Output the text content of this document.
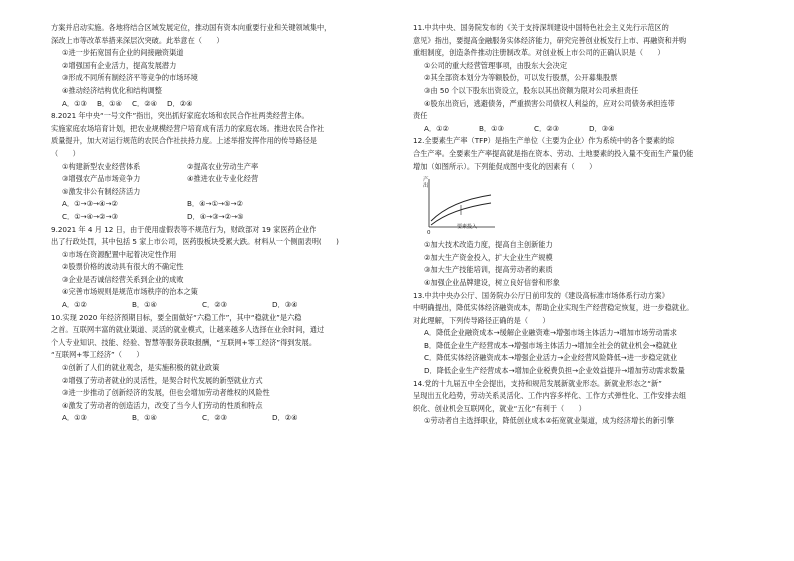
方案并启动实施。各地将结合区域发展定位，推动国有资本向重要行业和关键领域集中，

深改上市等改革举措来深层次突破。此举意在（　　）

①进一步拓宽国有企业的间接融资渠道

②增强国有企业活力，提高发展潜力

③形成不同所有制经济平等竞争的市场环境

④推动经济结构优化和结构调整

A．①③	B．①④	C．②④	D．②④

8.2021 年中央“一号文件”指出，突出抓好家庭农场和农民合作社两类经营主体。

实施家庭农场培育计划，把农业规模经营户培育成有活力的家庭农场。推进农民合作社

质量提升，加大对运行规范的农民合作社扶持力度。上述举措发挥作用的传导路径是

（　　）

①构建新型农业经营体系	②提高农业劳动生产率
③增强农产品市场竞争力	④推进农业专业化经营

⑤激发非公有制经济活力

A．①→③→④→②	B．④→①→⑤→②
C．①→④→②→③	D．④→③→②→⑤

9.2021 年 4 月 12 日，由于使用虚假表等不规范行为，财政部对 19 家医药企业作

出了行政处罚，其中包括 5 家上市公司，医药股板块受累大跌。材料从一个侧面表明(　　)

①市场在资源配置中起着决定性作用

②股票价格的波动具有很大的不确定性

③企业是否诚信经营关系到企业的成败

④完善市场规则是规范市场秩序的治本之策

A．①②	B．①④	C．②③	D．③④

10.实现 2020 年经济预期目标，要全面做好“六稳工作”，其中“稳就业”是六稳

之首。互联网丰富的就业渠道、灵活的就业模式，让越来越多人选择在业余时间，通过

个人专业知识、技能、经验、智慧等服务获取报酬，“互联网+零工经济”得到发展。

“互联网+零工经济”（　　）

①创新了人们的就业观念，是实施积极的就业政策

②增强了劳动者就业的灵活性，是契合时代发展的新型就业方式

③进一步推动了创新经济的发展，但也会增加劳动者维权的风险性

④激发了劳动者的创造活力，改变了当今人们劳动的性质和特点

A．①③	B．①④	C．②③	D．②④

11.中共中央、国务院发布的《关于支持深圳建设中国特色社会主义先行示范区的

意见》指出，要提高金融服务实体经济能力，研究完善创业板发行上市、再融资和并购

重组制度，创造条件推动注册制改革。对创业板上市公司的正确认识是（　　）

①公司的重大经营管理事项，由股东大会决定

②其全部资本划分为等额股份，可以发行股票，公开募集股票

③由 50 个以下股东出资设立，股东以其出资额为限对公司承担责任

④股东出资后，逃避债务，严重损害公司债权人利益的，应对公司债务承担连带

责任

A．①②	B．①③	C．②③	D．③④

12.全要素生产率（TFP）是指生产单位（主要为企业）作为系统中的各个要素的综

合生产率。全要素生产率提高就是指在资本、劳动、土地要素的投入量不变而生产量仍能

增加（如图所示）。下列能促成图中变化的因素有（　　）

产出
要素投入
0

①加大技术改造力度，提高自主创新能力

②加大生产资金投入，扩大企业生产规模

③加大生产技能培训，提高劳动者的素质

④加强企业品牌建设，树立良好信誉和形象

13.中共中央办公厅、国务院办公厅日前印发的《建设高标准市场体系行动方案》

中明确提出，降低实体经济融资成本，帮助企业实现生产经营稳定恢复，进一步稳就业。

对此理解，下列传导路径正确的是（　　）

A．降低企业融资成本→缓解企业融资难→增强市场主体活力→增加市场劳动需求

B．降低企业生产经营成本→增强市场主体活力→增加全社会的就业机会→稳就业

C．降低实体经济融资成本→增强企业活力→企业经营风险降低→进一步稳定就业

D．降低企业生产经营成本→增加企业税费负担→企业效益提升→增加劳动需求数量

14.党的十九届五中全会提出，支持和规范发展新就业形态。新就业形态之“新”

呈现出五化趋势，劳动关系灵活化、工作内容多样化、工作方式弹性化、工作安排去组

织化、创业机会互联网化，就业“五化”有利于（　　）

①劳动者自主选择职业，降低创业成本②拓宽就业渠道，成为经济增长的新引擎
